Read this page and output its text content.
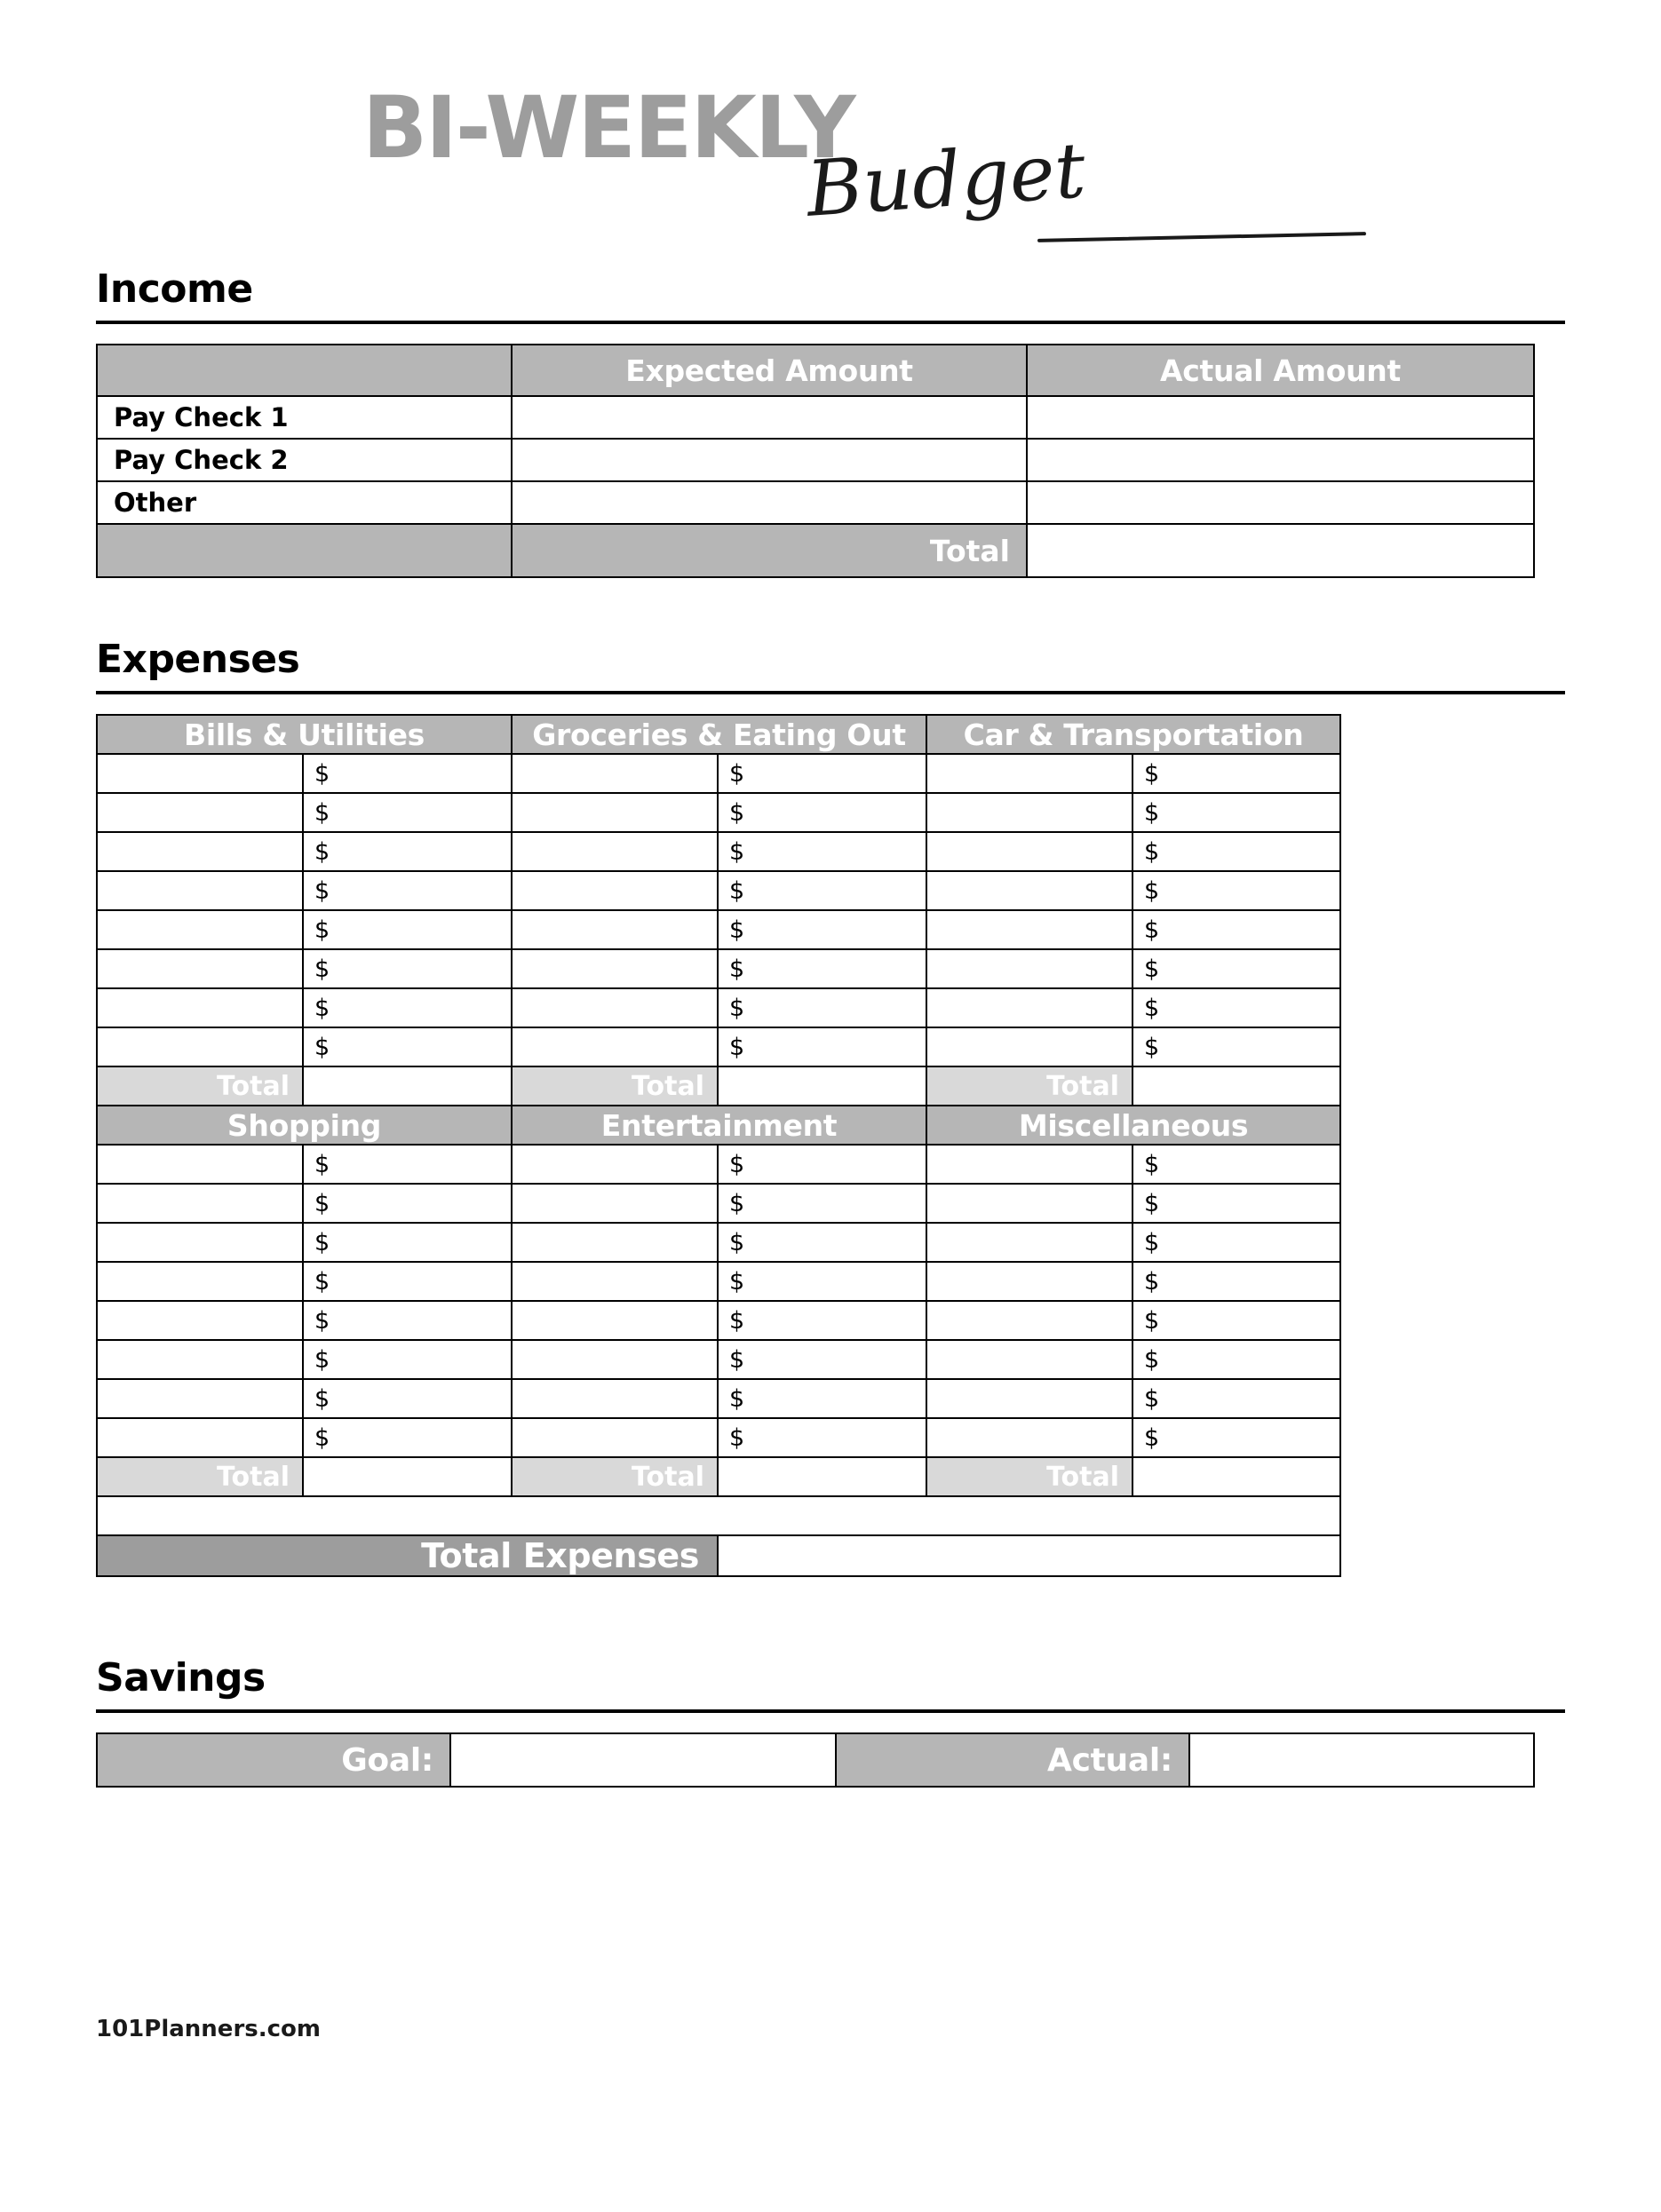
BI-WEEKLY
Budget
Income
	Expected Amount	Actual Amount
Pay Check 1		
Pay Check 2		
Other		
	Total	
Expenses
Bills & Utilities		Groceries & Eating Out		Car & Transportation	
	$		$		$
	$		$		$
	$		$		$
	$		$		$
	$		$		$
	$		$		$
	$		$		$
	$		$		$
Total		Total		Total	
Shopping		Entertainment		Miscellaneous	
	$		$		$
	$		$		$
	$		$		$
	$		$		$
	$		$		$
	$		$		$
	$		$		$
	$		$		$
Total		Total		Total	

Total Expenses					
Savings
Goal:		Actual:	
101Planners.com
